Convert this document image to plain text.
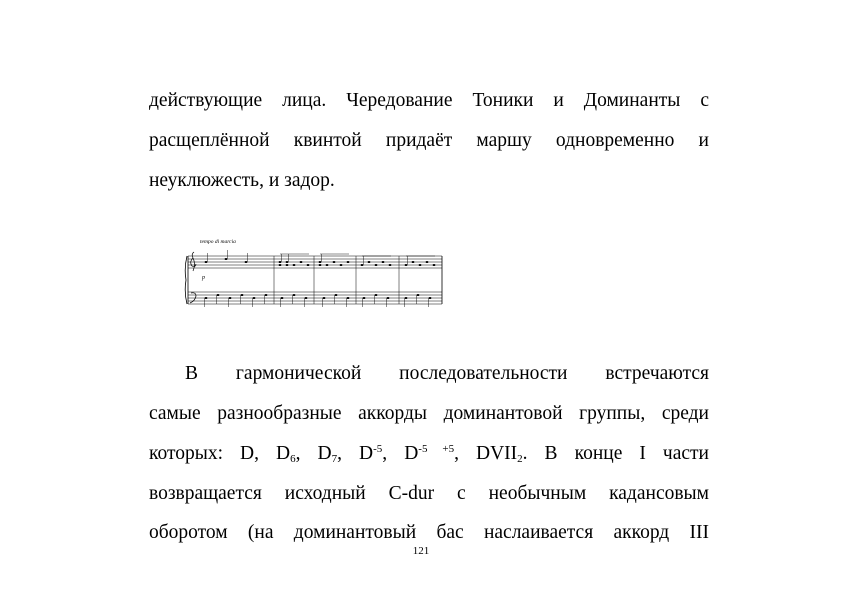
действующие лица. Чередование Тоники и Доминанты с
расщеплённой квинтой придаёт маршу одновременно и
неуклюжесть, и задор.
tempo di marcia
p
В гармонической последовательности встречаются
самые разнообразные аккорды доминантовой группы, среди
которых: D, $D_6$, $D_7$, $D^{-5}$, $D^{-5 +5}$, $DVII_2$. В конце I части
возвращается исходный C-dur с необычным кадансовым
оборотом (на доминантовый бас наслаивается аккорд III
121
